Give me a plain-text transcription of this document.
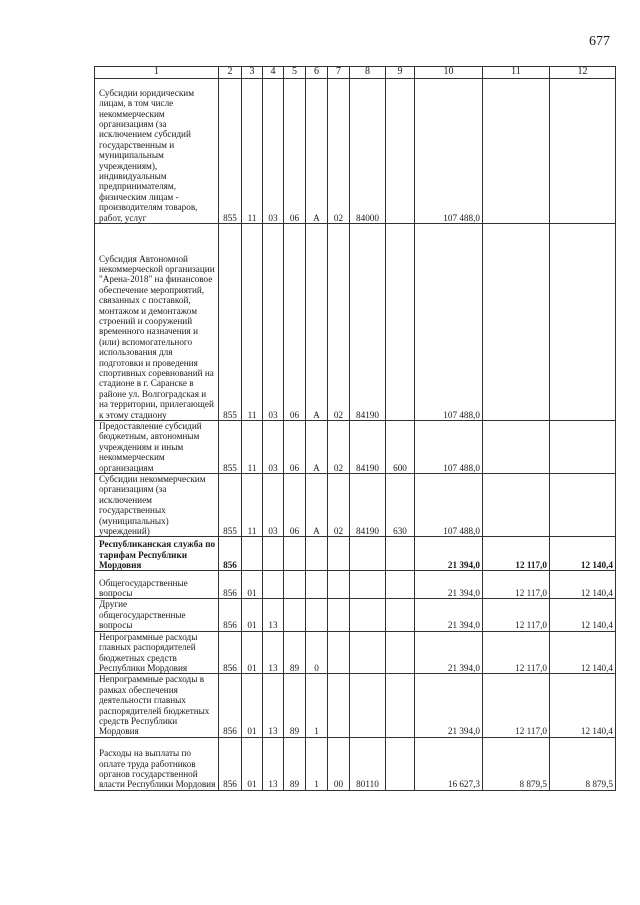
677
1	2	3	4	5	6	7	8	9	10	11	12
Субсидии юридическим лицам, в том числе некоммерческим организациям (за исключением субсидий государственным и муниципальным учреждениям), индивидуальным предпринимателям, физическим лицам - производителям товаров, работ, услуг	855	11	03	06	А	02	84000		107 488,0		
Субсидия Автономной некоммерческой организации "Арена-2018" на финансовое обеспечение мероприятий, связанных с поставкой, монтажом и демонтажом строений и сооружений временного назначения и (или) вспомогательного использования для подготовки и проведения спортивных соревнований на стадионе в г. Саранске в районе ул. Волгоградская и на территории, прилегающей к этому стадиону	855	11	03	06	А	02	84190		107 488,0		
Предоставление субсидий бюджетным, автономным учреждениям и иным некоммерческим организациям	855	11	03	06	А	02	84190	600	107 488,0		
Субсидии некоммерческим организациям (за исключением государственных (муниципальных) учреждений)	855	11	03	06	А	02	84190	630	107 488,0		
Республиканская служба по тарифам Республики Мордовия	856								21 394,0	12 117,0	12 140,4
Общегосударственные вопросы	856	01							21 394,0	12 117,0	12 140,4
Другие общегосударственные вопросы	856	01	13						21 394,0	12 117,0	12 140,4
Непрограммные расходы главных распорядителей бюджетных средств Республики Мордовия	856	01	13	89	0				21 394,0	12 117,0	12 140,4
Непрограммные расходы в рамках обеспечения деятельности главных распорядителей бюджетных средств Республики Мордовия	856	01	13	89	1				21 394,0	12 117,0	12 140,4
Расходы на выплаты по оплате труда работников органов государственной власти Республики Мордовия	856	01	13	89	1	00	80110		16 627,3	8 879,5	8 879,5
